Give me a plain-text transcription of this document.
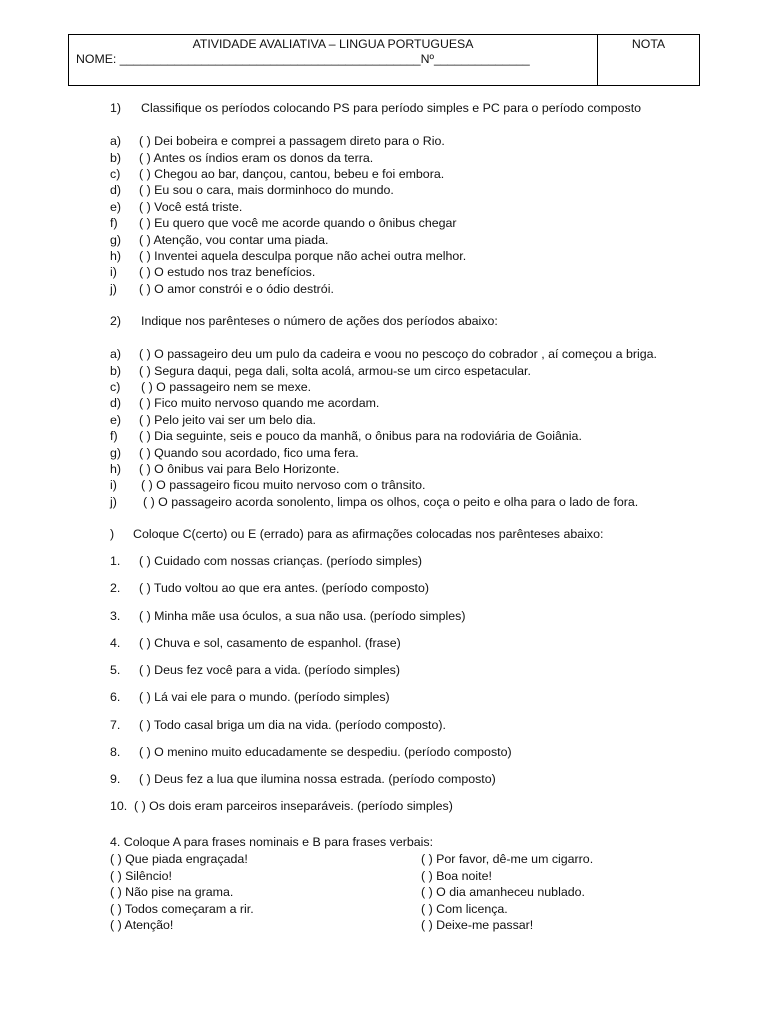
ATIVIDADE AVALIATIVA – LINGUA PORTUGUESA
NOME: ____________________________________________Nº______________
NOTA
1) Classifique os períodos colocando PS para período simples e PC para o período composto
a) ( ) Dei bobeira e comprei a passagem direto para o Rio.
b) ( ) Antes os índios eram os donos da terra.
c) ( ) Chegou ao bar, dançou, cantou, bebeu e foi embora.
d) ( ) Eu sou o cara, mais dorminhoco do mundo.
e) ( ) Você está triste.
f) ( ) Eu quero que você me acorde quando o ônibus chegar
g) ( ) Atenção, vou contar uma piada.
h) ( ) Inventei aquela desculpa porque não achei outra melhor.
i) ( ) O estudo nos traz benefícios.
j) ( ) O amor constrói e o ódio destrói.
2) Indique nos parênteses o número de ações dos períodos abaixo:
a) ( ) O passageiro deu um pulo da cadeira e voou no pescoço do cobrador , aí começou a briga.
b) ( ) Segura daqui, pega dali, solta acolá, armou-se um circo espetacular.
c) ( ) O passageiro nem se mexe.
d) ( ) Fico muito nervoso quando me acordam.
e) ( ) Pelo jeito vai ser um belo dia.
f) ( ) Dia seguinte, seis e pouco da manhã, o ônibus para na rodoviária de Goiânia.
g) ( ) Quando sou acordado, fico uma fera.
h) ( ) O ônibus vai para Belo Horizonte.
i) ( ) O passageiro ficou muito nervoso com o trânsito.
j) ( ) O passageiro acorda sonolento, limpa os olhos, coça o peito e olha para o lado de fora.
) Coloque C(certo) ou E (errado) para as afirmações colocadas nos parênteses abaixo:
1. ( ) Cuidado com nossas crianças. (período simples)
2. ( ) Tudo voltou ao que era antes. (período composto)
3. ( ) Minha mãe usa óculos, a sua não usa. (período simples)
4. ( ) Chuva e sol, casamento de espanhol. (frase)
5. ( ) Deus fez você para a vida. (período simples)
6. ( ) Lá vai ele para o mundo. (período simples)
7. ( ) Todo casal briga um dia na vida. (período composto).
8. ( ) O menino muito educadamente se despediu. (período composto)
9. ( ) Deus fez a lua que ilumina nossa estrada. (período composto)
10. ( ) Os dois eram parceiros inseparáveis. (período simples)
4. Coloque A para frases nominais e B para frases verbais:
( ) Que piada engraçada!
( ) Silêncio!
( ) Não pise na grama.
( ) Todos começaram a rir.
( ) Atenção!
( ) Por favor, dê-me um cigarro.
( ) Boa noite!
( ) O dia amanheceu nublado.
( ) Com licença.
( ) Deixe-me passar!
